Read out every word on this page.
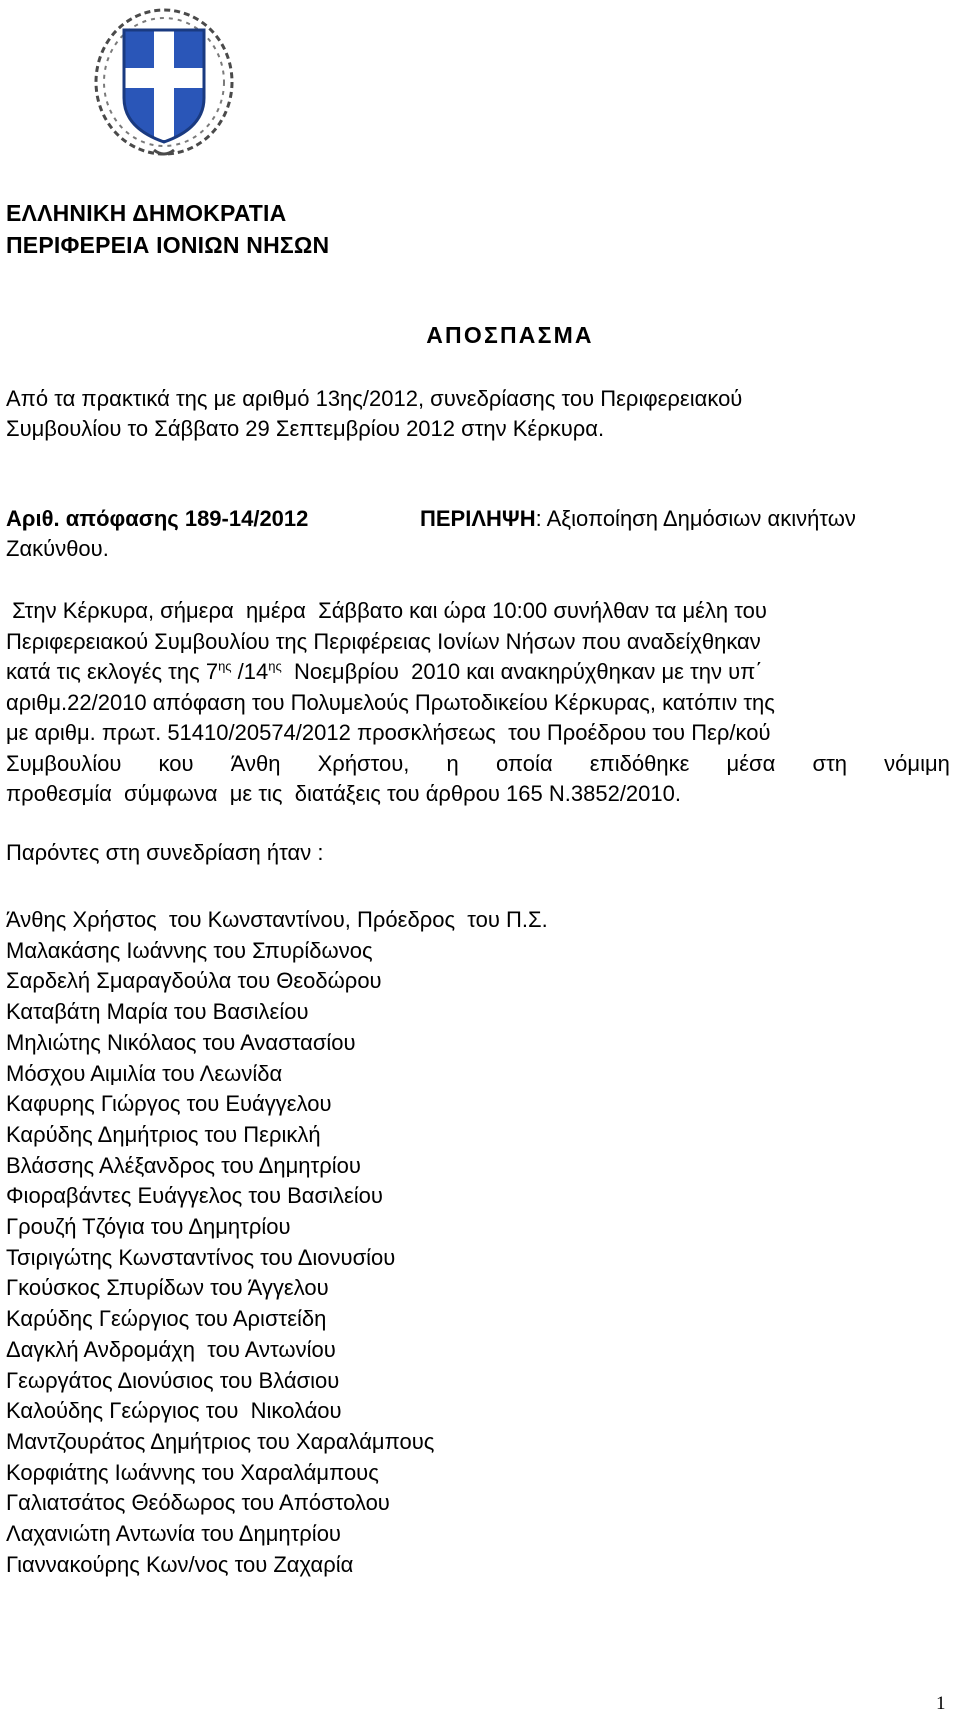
ΕΛΛΗΝΙΚΗ ΔΗΜΟΚΡΑΤΙΑ
ΠΕΡΙΦΕΡΕΙΑ ΙΟΝΙΩΝ ΝΗΣΩΝ
ΑΠΟΣΠΑΣΜΑ
Από τα πρακτικά της με αριθμό 13ης/2012, συνεδρίασης του Περιφερειακού
Συμβουλίου το Σάββατο 29 Σεπτεμβρίου 2012 στην Κέρκυρα.
Αριθ. απόφασης 189-14/2012	ΠΕΡΙΛΗΨΗ: Αξιοποίηση Δημόσιων ακινήτων
Ζακύνθου.
Στην Κέρκυρα, σήμερα  ημέρα  Σάββατο και ώρα 10:00 συνήλθαν τα μέλη του
Περιφερειακού Συμβουλίου της Περιφέρειας Ιονίων Νήσων που αναδείχθηκαν
κατά τις εκλογές της $7^{\eta\varsigma}$ $/14^{\eta\varsigma}$  Νοεμβρίου  2010 και ανακηρύχθηκαν με την υπ΄
αριθμ.22/2010 απόφαση του Πολυμελούς Πρωτοδικείου Κέρκυρας, κατόπιν της
με αριθμ. πρωτ. 51410/20574/2012 προσκλήσεως  του Προέδρου του Περ/κού
Συμβουλίου κου Άνθη Χρήστου, η οποία επιδόθηκε μέσα στη νόμιμη
προθεσμία  σύμφωνα  με τις  διατάξεις του άρθρου 165 Ν.3852/2010.
Παρόντες στη συνεδρίαση ήταν :
Άνθης Χρήστος  του Κωνσταντίνου, Πρόεδρος  του Π.Σ.
Μαλακάσης Ιωάννης του Σπυρίδωνος
Σαρδελή Σμαραγδούλα του Θεοδώρου
Καταβάτη Μαρία του Βασιλείου
Μηλιώτης Νικόλαος του Αναστασίου
Μόσχου Αιμιλία του Λεωνίδα
Καφυρης Γιώργος του Ευάγγελου
Καρύδης Δημήτριος του Περικλή
Βλάσσης Αλέξανδρος του Δημητρίου
Φιοραβάντες Ευάγγελος του Βασιλείου
Γρουζή Τζόγια του Δημητρίου
Τσιριγώτης Κωνσταντίνος του Διονυσίου
Γκούσκος Σπυρίδων του Άγγελου
Καρύδης Γεώργιος του Αριστείδη
Δαγκλή Ανδρομάχη  του Αντωνίου
Γεωργάτος Διονύσιος του Βλάσιου
Καλούδης Γεώργιος του  Νικολάου
Μαντζουράτος Δημήτριος του Χαραλάμπους
Κορφιάτης Ιωάννης του Χαραλάμπους
Γαλιατσάτος Θεόδωρος του Απόστολου
Λαχανιώτη Αντωνία του Δημητρίου
Γιαννακούρης Κων/νος του Ζαχαρία
1
